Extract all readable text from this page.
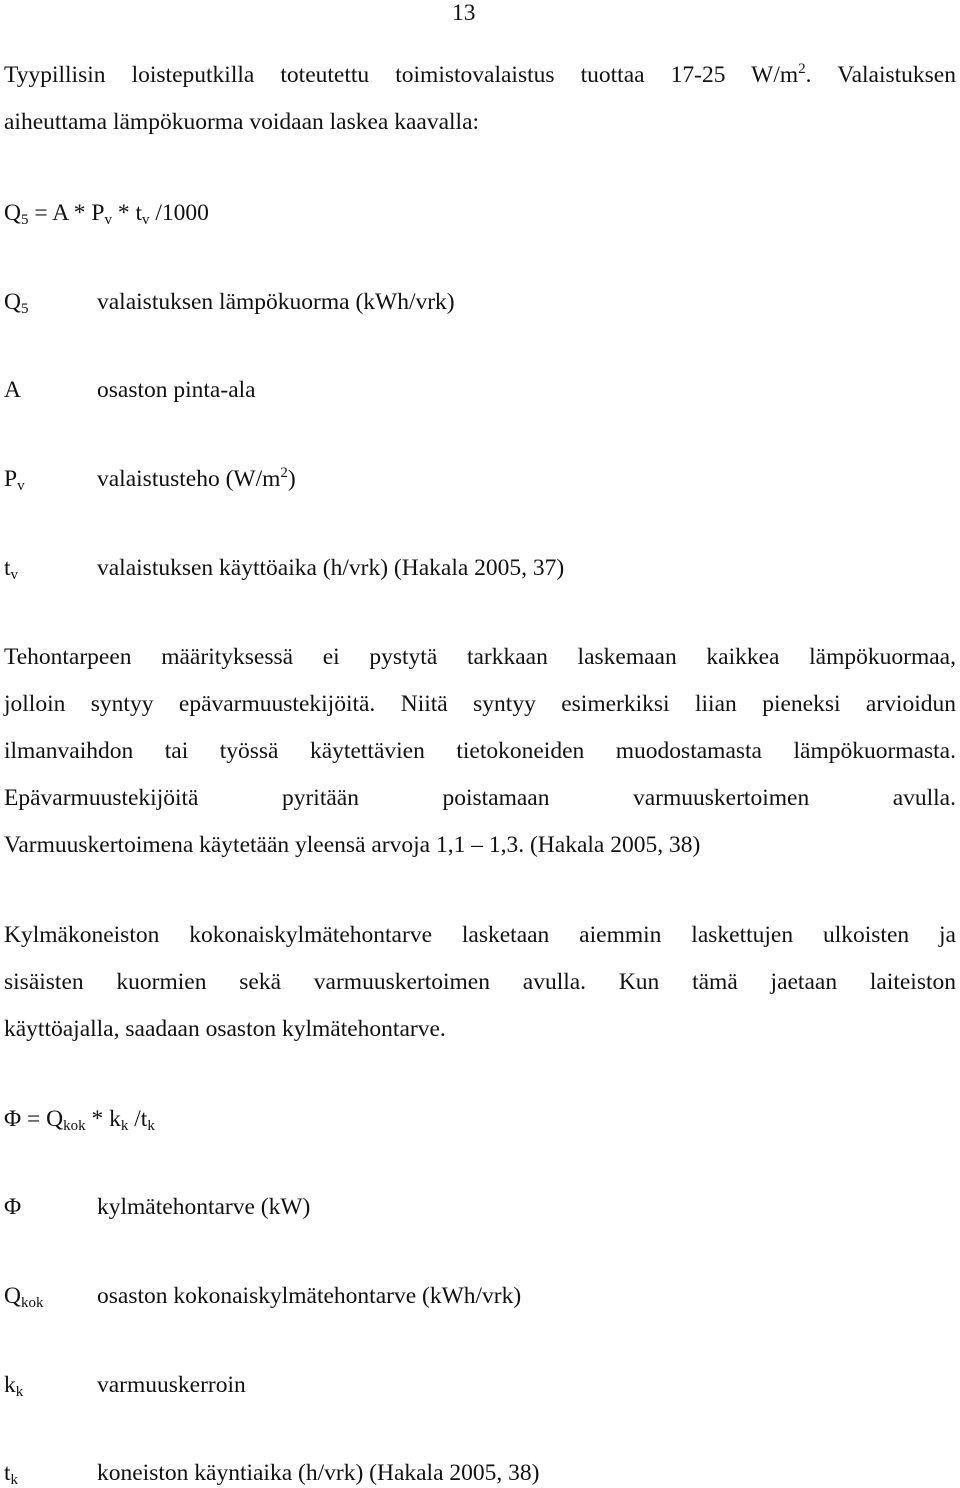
13
Tyypillisin loisteputkilla toteutettu toimistovalaistus tuottaa 17-25 $W/m^2$. Valaistuksen
aiheuttama lämpökuorma voidaan laskea kaavalla:
$Q_5 = A * P_v * t_v$ /1000
$Q_5$	valaistuksen lämpökuorma (kWh/vrk)
A	osaston pinta-ala
$P_v$	valaistusteho $(W/m^2)$
$t_v$	valaistuksen käyttöaika (h/vrk) (Hakala 2005, 37)
Tehontarpeen määrityksessä ei pystytä tarkkaan laskemaan kaikkea lämpökuormaa,
jolloin syntyy epävarmuustekijöitä. Niitä syntyy esimerkiksi liian pieneksi arvioidun
ilmanvaihdon tai työssä käytettävien tietokoneiden muodostamasta lämpökuormasta.
Epävarmuustekijöitä pyritään poistamaan varmuuskertoimen avulla.
Varmuuskertoimena käytetään yleensä arvoja 1,1 – 1,3. (Hakala 2005, 38)
Kylmäkoneiston kokonaiskylmätehontarve lasketaan aiemmin laskettujen ulkoisten ja
sisäisten kuormien sekä varmuuskertoimen avulla. Kun tämä jaetaan laiteiston
käyttöajalla, saadaan osaston kylmätehontarve.
$\Phi = Q_{kok} * k_k$ $/t_k$
Φ	kylmätehontarve (kW)
$Q_{kok}$ osaston kokonaiskylmätehontarve (kWh/vrk)
$k_k$	varmuuskerroin
$t_k$	koneiston käyntiaika (h/vrk) (Hakala 2005, 38)
